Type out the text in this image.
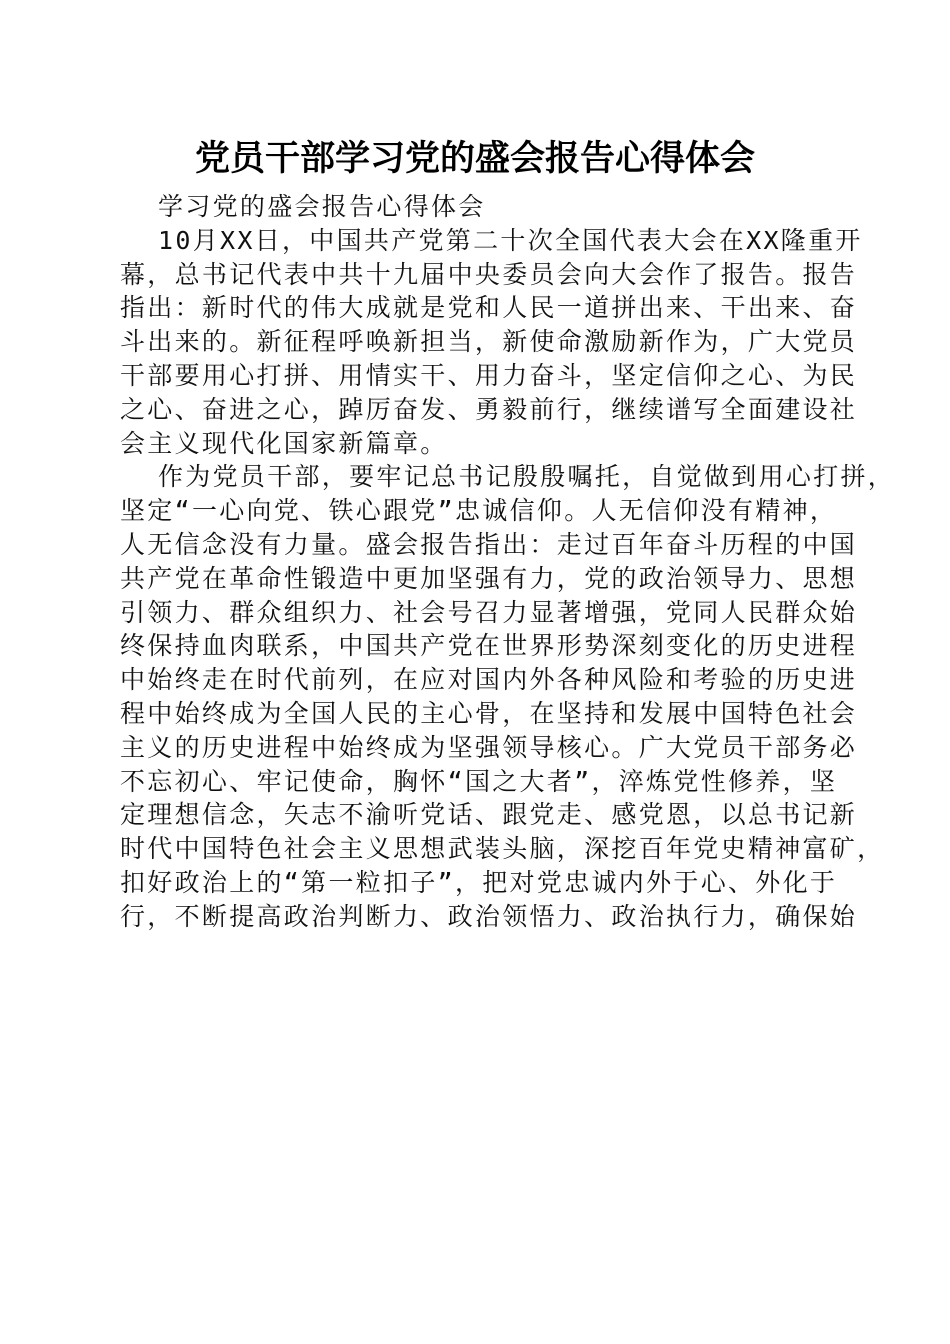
党员干部学习党的盛会报告心得体会
学习党的盛会报告心得体会
10月XX日，中国共产党第二十次全国代表大会在XX隆重开
幕，总书记代表中共十九届中央委员会向大会作了报告。报告
指出：新时代的伟大成就是党和人民一道拼出来、干出来、奋
斗出来的。新征程呼唤新担当，新使命激励新作为，广大党员
干部要用心打拼、用情实干、用力奋斗，坚定信仰之心、为民
之心、奋进之心，踔厉奋发、勇毅前行，继续谱写全面建设社
会主义现代化国家新篇章。
作为党员干部，要牢记总书记殷殷嘱托，自觉做到用心打拼，
坚定“一心向党、铁心跟党”忠诚信仰。人无信仰没有精神，
人无信念没有力量。盛会报告指出：走过百年奋斗历程的中国
共产党在革命性锻造中更加坚强有力，党的政治领导力、思想
引领力、群众组织力、社会号召力显著增强，党同人民群众始
终保持血肉联系，中国共产党在世界形势深刻变化的历史进程
中始终走在时代前列，在应对国内外各种风险和考验的历史进
程中始终成为全国人民的主心骨，在坚持和发展中国特色社会
主义的历史进程中始终成为坚强领导核心。广大党员干部务必
不忘初心、牢记使命，胸怀“国之大者”，淬炼党性修养，坚
定理想信念，矢志不渝听党话、跟党走、感党恩，以总书记新
时代中国特色社会主义思想武装头脑，深挖百年党史精神富矿，
扣好政治上的“第一粒扣子”，把对党忠诚内外于心、外化于
行，不断提高政治判断力、政治领悟力、政治执行力，确保始
